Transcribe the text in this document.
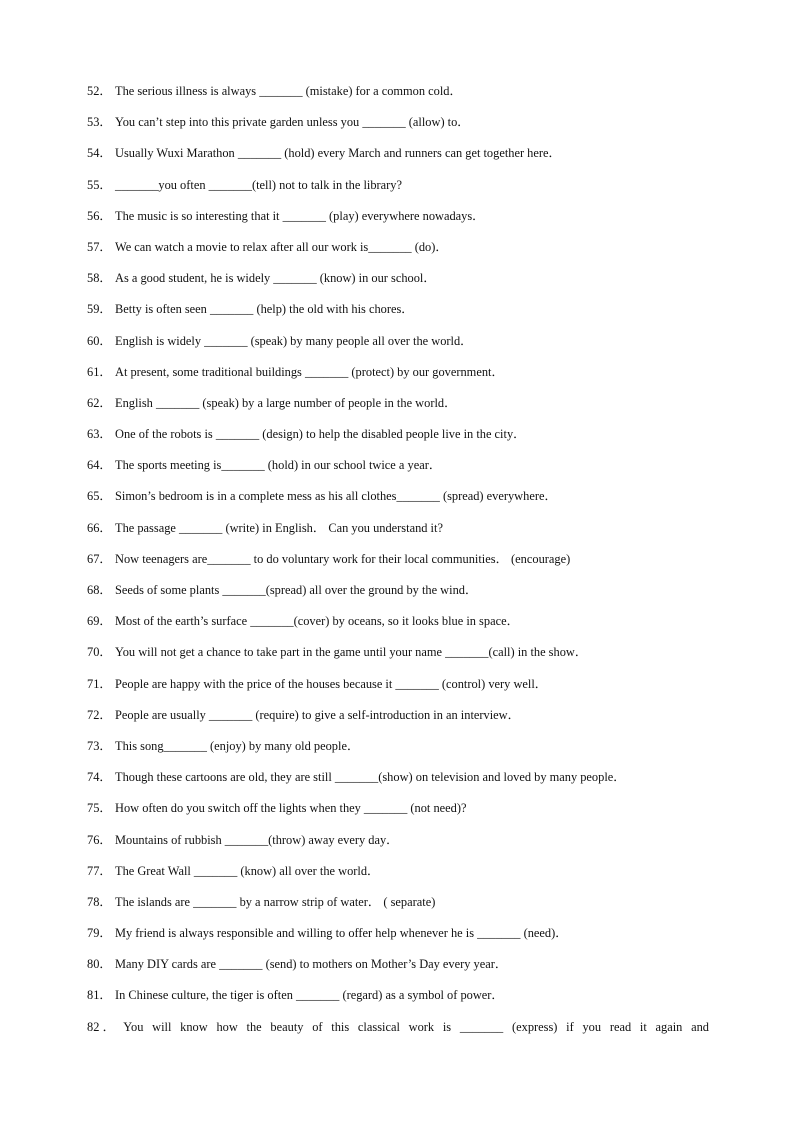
52． The serious illness is always _______ (mistake) for a common cold．
53． You can’t step into this private garden unless you _______ (allow) to．
54． Usually Wuxi Marathon _______ (hold) every March and runners can get together here．
55． _______you often _______(tell) not to talk in the library?
56． The music is so interesting that it _______ (play) everywhere nowadays．
57． We can watch a movie to relax after all our work is_______ (do)．
58． As a good student, he is widely _______ (know) in our school．
59． Betty is often seen _______ (help) the old with his chores．
60． English is widely _______ (speak) by many people all over the world．
61． At present, some traditional buildings _______ (protect) by our government．
62． English _______ (speak) by a large number of people in the world．
63． One of the robots is _______ (design) to help the disabled people live in the city．
64． The sports meeting is_______ (hold) in our school twice a year．
65． Simon’s bedroom is in a complete mess as his all clothes_______ (spread) everywhere．
66． The passage _______ (write) in English． Can you understand it?
67． Now teenagers are_______ to do voluntary work for their local communities． (encourage)
68． Seeds of some plants _______(spread) all over the ground by the wind．
69． Most of the earth’s surface _______(cover) by oceans, so it looks blue in space．
70． You will not get a chance to take part in the game until your name _______(call) in the show．
71． People are happy with the price of the houses because it _______ (control) very well．
72． People are usually _______ (require) to give a self-introduction in an interview．
73． This song_______ (enjoy) by many old people．
74． Though these cartoons are old, they are still _______(show) on television and loved by many people．
75． How often do you switch off the lights when they _______ (not need)?
76． Mountains of rubbish _______(throw) away every day．
77． The Great Wall _______ (know) all over the world．
78． The islands are _______ by a narrow strip of water． ( separate)
79． My friend is always responsible and willing to offer help whenever he is _______ (need)．
80． Many DIY cards are _______ (send) to mothers on Mother’s Day every year．
81． In Chinese culture, the tiger is often _______ (regard) as a symbol of power．
82． You will know how the beauty of this classical work is _______ (express) if you read it again and
